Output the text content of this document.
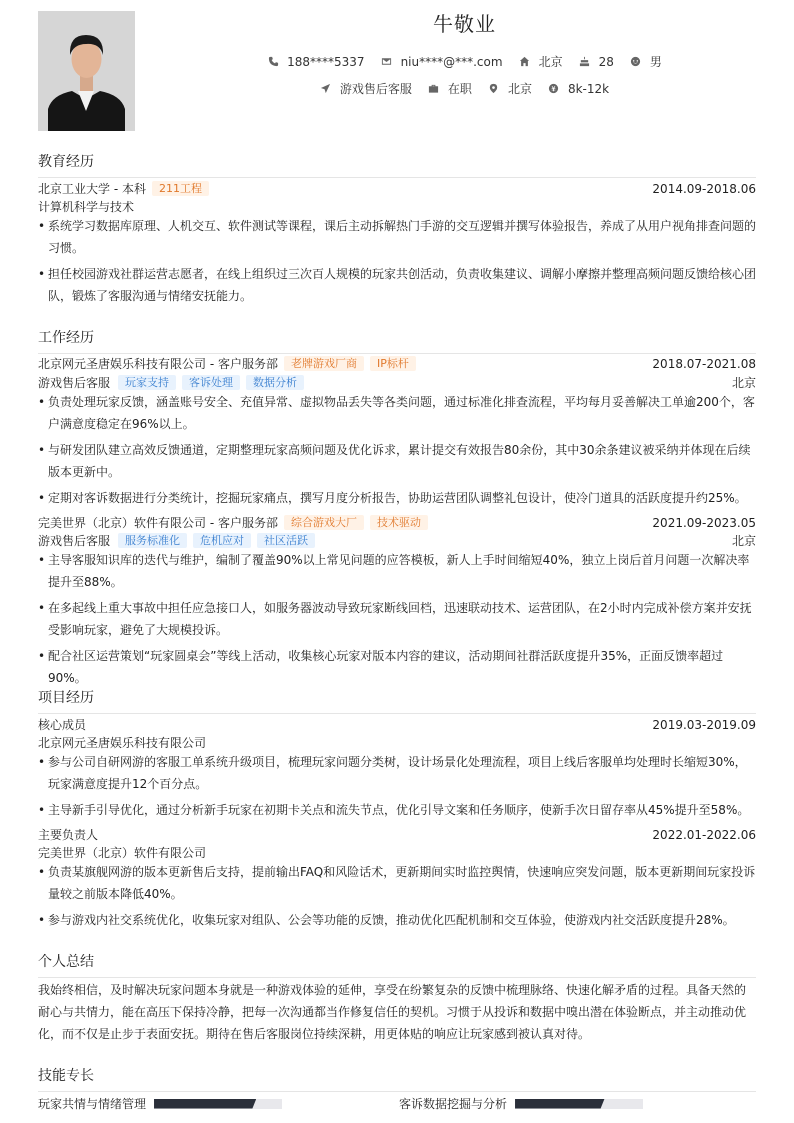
牛敬业
188****5337	niu****@***.com	北京	28	男
游戏售后客服	在职	北京	8k-12k
教育经历
北京工业大学 - 本科	211工程	2014.09-2018.06
计算机科学与技术
• 系统学习数据库原理、人机交互、软件测试等课程，课后主动拆解热门手游的交互逻辑并撰写体验报告，养成了从用户视角排查问题的习惯。
• 担任校园游戏社群运营志愿者，在线上组织过三次百人规模的玩家共创活动，负责收集建议、调解小摩擦并整理高频问题反馈给核心团队，锻炼了客服沟通与情绪安抚能力。
工作经历
北京网元圣唐娱乐科技有限公司 - 客户服务部	老牌游戏厂商	IP标杆	2018.07-2021.08
游戏售后客服	玩家支持	客诉处理	数据分析	北京
• 负责处理玩家反馈，涵盖账号安全、充值异常、虚拟物品丢失等各类问题，通过标准化排查流程，平均每月妥善解决工单逾200个，客户满意度稳定在96%以上。
• 与研发团队建立高效反馈通道，定期整理玩家高频问题及优化诉求，累计提交有效报告80余份，其中30余条建议被采纳并体现在后续版本更新中。
• 定期对客诉数据进行分类统计，挖掘玩家痛点，撰写月度分析报告，协助运营团队调整礼包设计，使冷门道具的活跃度提升约25%。
完美世界（北京）软件有限公司 - 客户服务部	综合游戏大厂	技术驱动	2021.09-2023.05
游戏售后客服	服务标准化	危机应对	社区活跃	北京
• 主导客服知识库的迭代与维护，编制了覆盖90%以上常见问题的应答模板，新人上手时间缩短40%，独立上岗后首月问题一次解决率提升至88%。
• 在多起线上重大事故中担任应急接口人，如服务器波动导致玩家断线回档，迅速联动技术、运营团队，在2小时内完成补偿方案并安抚受影响玩家，避免了大规模投诉。
• 配合社区运营策划“玩家圆桌会”等线上活动，收集核心玩家对版本内容的建议，活动期间社群活跃度提升35%，正面反馈率超过90%。
项目经历
核心成员	2019.03-2019.09
北京网元圣唐娱乐科技有限公司
• 参与公司自研网游的客服工单系统升级项目，梳理玩家问题分类树，设计场景化处理流程，项目上线后客服单均处理时长缩短30%，玩家满意度提升12个百分点。
• 主导新手引导优化，通过分析新手玩家在初期卡关点和流失节点，优化引导文案和任务顺序，使新手次日留存率从45%提升至58%。
主要负责人	2022.01-2022.06
完美世界（北京）软件有限公司
• 负责某旗舰网游的版本更新售后支持，提前输出FAQ和风险话术，更新期间实时监控舆情，快速响应突发问题，版本更新期间玩家投诉量较之前版本降低40%。
• 参与游戏内社交系统优化，收集玩家对组队、公会等功能的反馈，推动优化匹配机制和交互体验，使游戏内社交活跃度提升28%。
个人总结
我始终相信，及时解决玩家问题本身就是一种游戏体验的延伸，享受在纷繁复杂的反馈中梳理脉络、快速化解矛盾的过程。具备天然的耐心与共情力，能在高压下保持冷静，把每一次沟通都当作修复信任的契机。习惯于从投诉和数据中嗅出潜在体验断点，并主动推动优化，而不仅是止步于表面安抚。期待在售后客服岗位持续深耕，用更体贴的响应让玩家感到被认真对待。
技能专长
玩家共情与情绪管理	客诉数据挖掘与分析
